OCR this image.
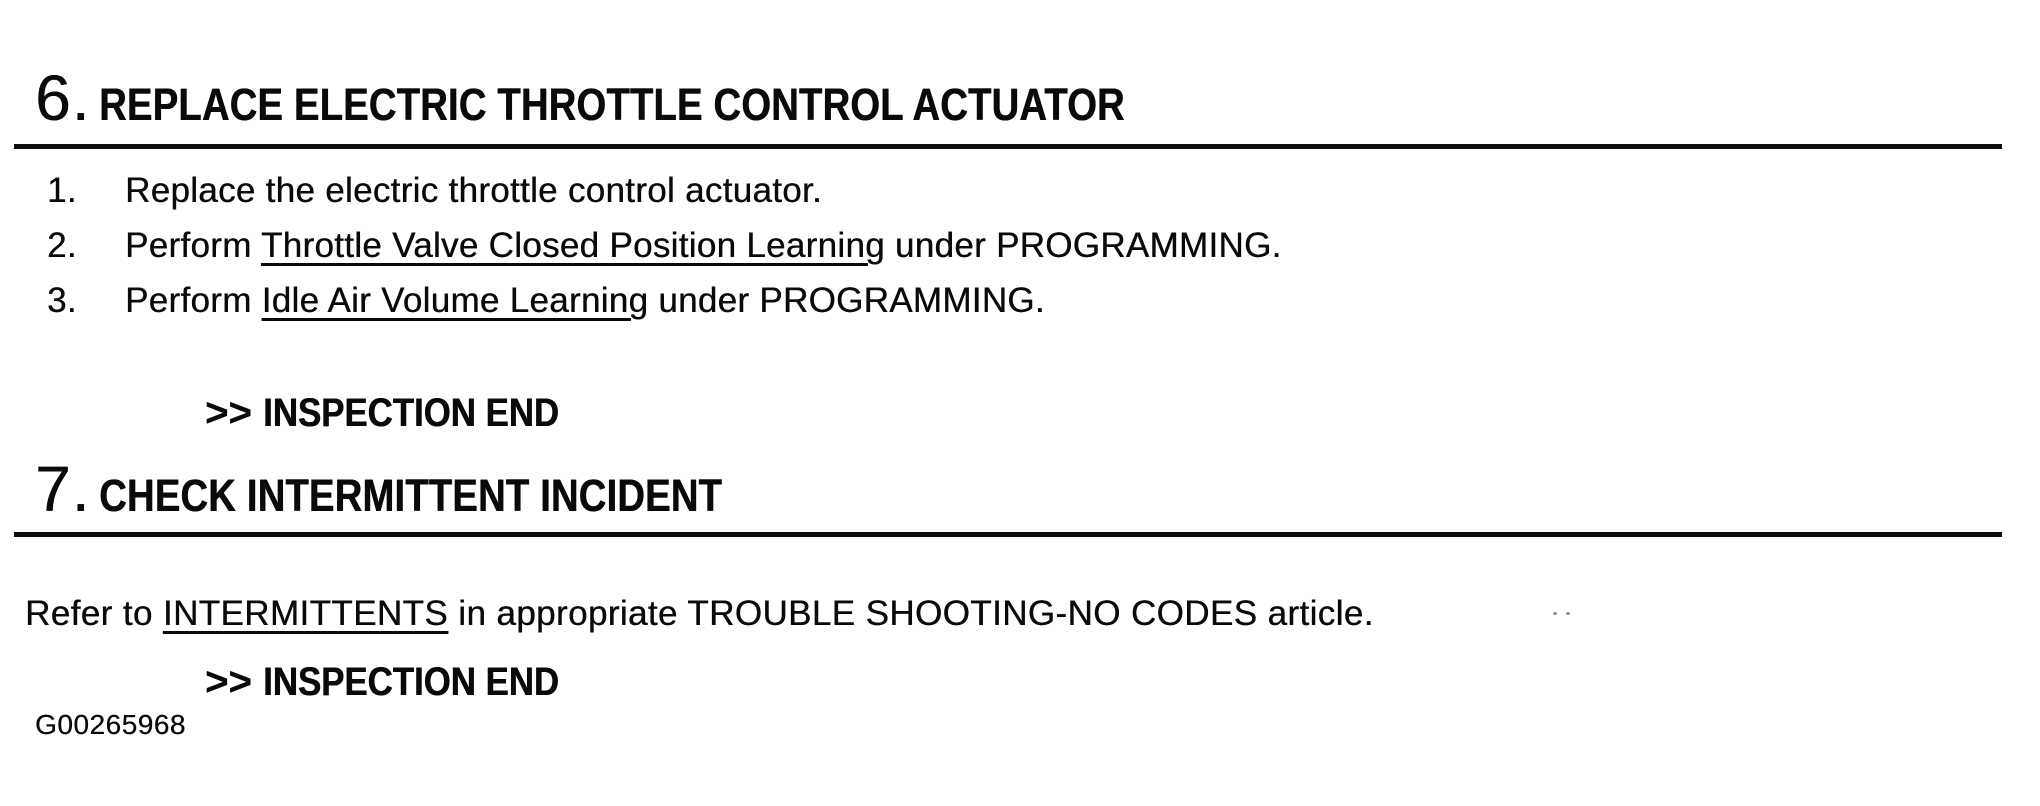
6. REPLACE ELECTRIC THROTTLE CONTROL ACTUATOR
1.	Replace the electric throttle control actuator.
2.	Perform Throttle Valve Closed Position Learning under PROGRAMMING.
3.	Perform Idle Air Volume Learning under PROGRAMMING.
>> INSPECTION END
7. CHECK INTERMITTENT INCIDENT

Refer to INTERMITTENTS in appropriate TROUBLE SHOOTING-NO CODES article.

>> INSPECTION END
G00265968
